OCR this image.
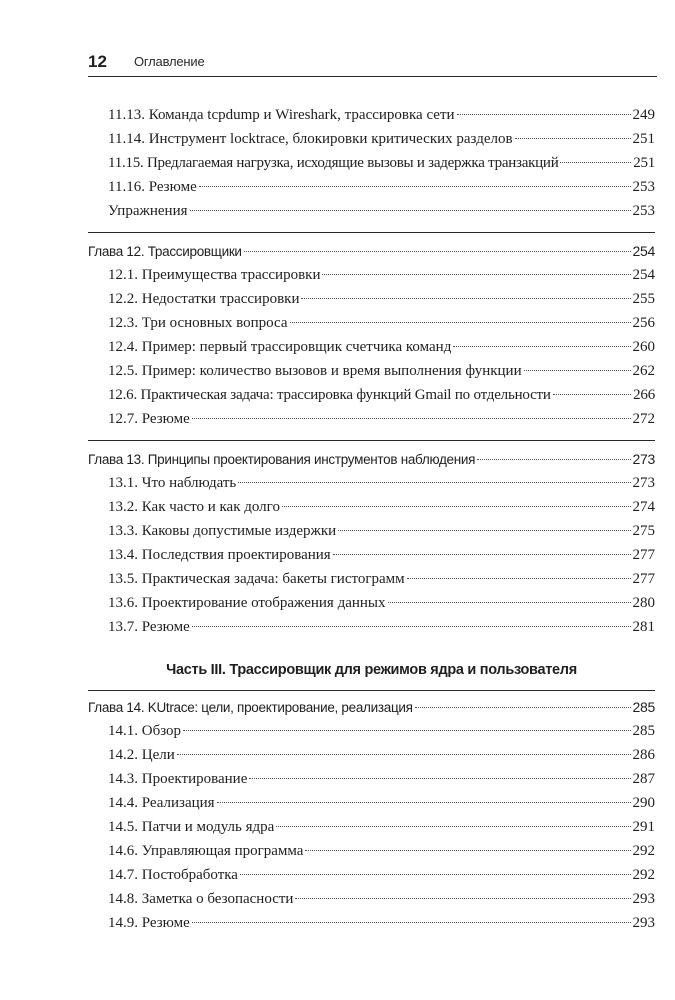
12	Оглавление
11.13. Команда tcpdump и Wireshark, трассировка сети	249
11.14. Инструмент locktrace, блокировки критических разделов	251
11.15. Предлагаемая нагрузка, исходящие вызовы и задержка транзакций	251
11.16. Резюме	253
Упражнения	253
Глава 12. Трассировщики	254
12.1. Преимущества трассировки	254
12.2. Недостатки трассировки	255
12.3. Три основных вопроса	256
12.4. Пример: первый трассировщик счетчика команд	260
12.5. Пример: количество вызовов и время выполнения функции	262
12.6. Практическая задача: трассировка функций Gmail по отдельности	266
12.7. Резюме	272
Глава 13. Принципы проектирования инструментов наблюдения	273
13.1. Что наблюдать	273
13.2. Как часто и как долго	274
13.3. Каковы допустимые издержки	275
13.4. Последствия проектирования	277
13.5. Практическая задача: бакеты гистограмм	277
13.6. Проектирование отображения данных	280
13.7. Резюме	281
Часть III. Трассировщик для режимов ядра и пользователя
Глава 14. KUtrace: цели, проектирование, реализация	285
14.1. Обзор	285
14.2. Цели	286
14.3. Проектирование	287
14.4. Реализация	290
14.5. Патчи и модуль ядра	291
14.6. Управляющая программа	292
14.7. Постобработка	292
14.8. Заметка о безопасности	293
14.9. Резюме	293
